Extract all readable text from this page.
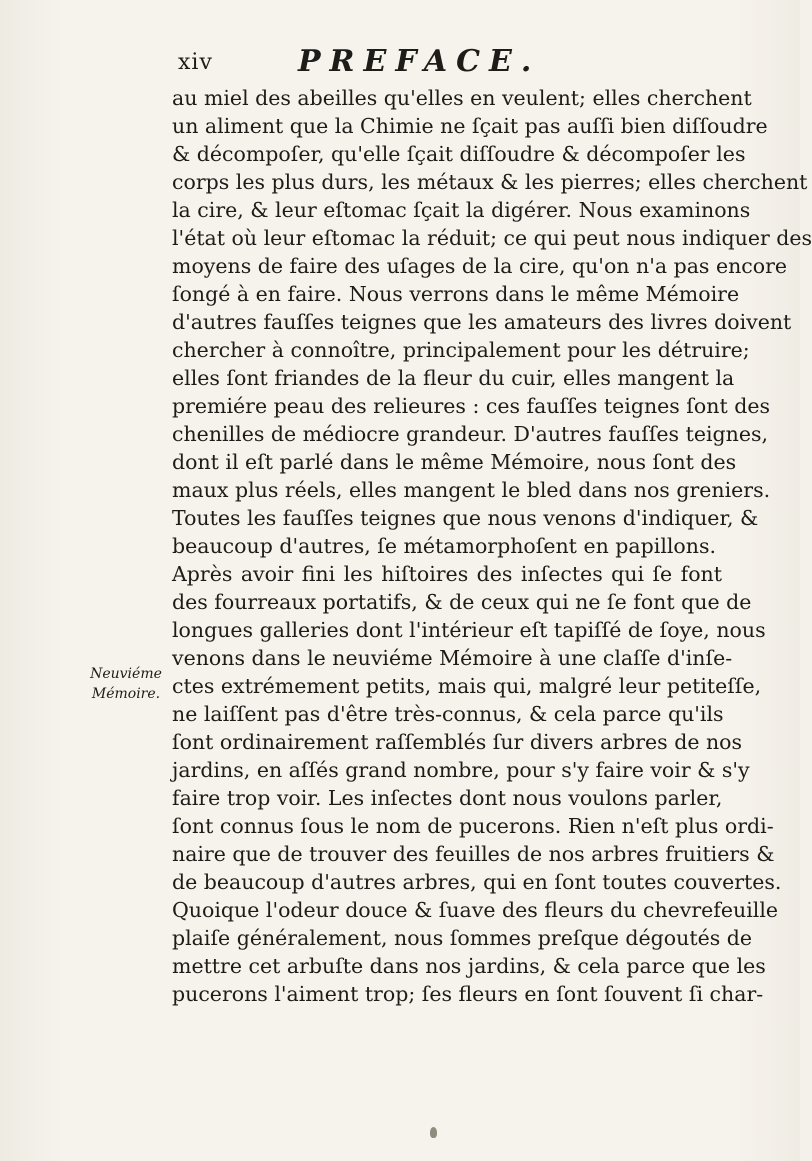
xiv	PREFACE.
Neuviéme
Mémoire.
au miel des abeilles qu'elles en veulent; elles cherchent
un aliment que la Chimie ne ſçait pas auſſi bien diſſoudre
& décompoſer, qu'elle ſçait diſſoudre & décompoſer les
corps les plus durs, les métaux & les pierres; elles cherchent
la cire, & leur eſtomac ſçait la digérer. Nous examinons
l'état où leur eſtomac la réduit; ce qui peut nous indiquer des
moyens de faire des uſages de la cire, qu'on n'a pas encore
ſongé à en faire. Nous verrons dans le même Mémoire
d'autres fauſſes teignes que les amateurs des livres doivent
chercher à connoître, principalement pour les détruire;
elles ſont friandes de la fleur du cuir, elles mangent la
premiére peau des relieures : ces fauſſes teignes ſont des
chenilles de médiocre grandeur. D'autres fauſſes teignes,
dont il eſt parlé dans le même Mémoire, nous ſont des
maux plus réels, elles mangent le bled dans nos greniers.
Toutes les fauſſes teignes que nous venons d'indiquer, &
beaucoup d'autres, ſe métamorphoſent en papillons.
Après avoir fini les hiſtoires des inſectes qui ſe font
des fourreaux portatifs, & de ceux qui ne ſe font que de
longues galleries dont l'intérieur eſt tapiſſé de ſoye, nous
venons dans le neuviéme Mémoire à une claſſe d'inſe-
ctes extrémement petits, mais qui, malgré leur petiteſſe,
ne laiſſent pas d'être très-connus, & cela parce qu'ils
ſont ordinairement raſſemblés ſur divers arbres de nos
jardins, en aſſés grand nombre, pour s'y faire voir & s'y
faire trop voir. Les inſectes dont nous voulons parler,
ſont connus ſous le nom de pucerons. Rien n'eſt plus ordi-
naire que de trouver des feuilles de nos arbres fruitiers &
de beaucoup d'autres arbres, qui en ſont toutes couvertes.
Quoique l'odeur douce & ſuave des fleurs du chevrefeuille
plaiſe généralement, nous ſommes preſque dégoutés de
mettre cet arbuſte dans nos jardins, & cela parce que les
pucerons l'aiment trop; ſes fleurs en ſont ſouvent ſi char-
